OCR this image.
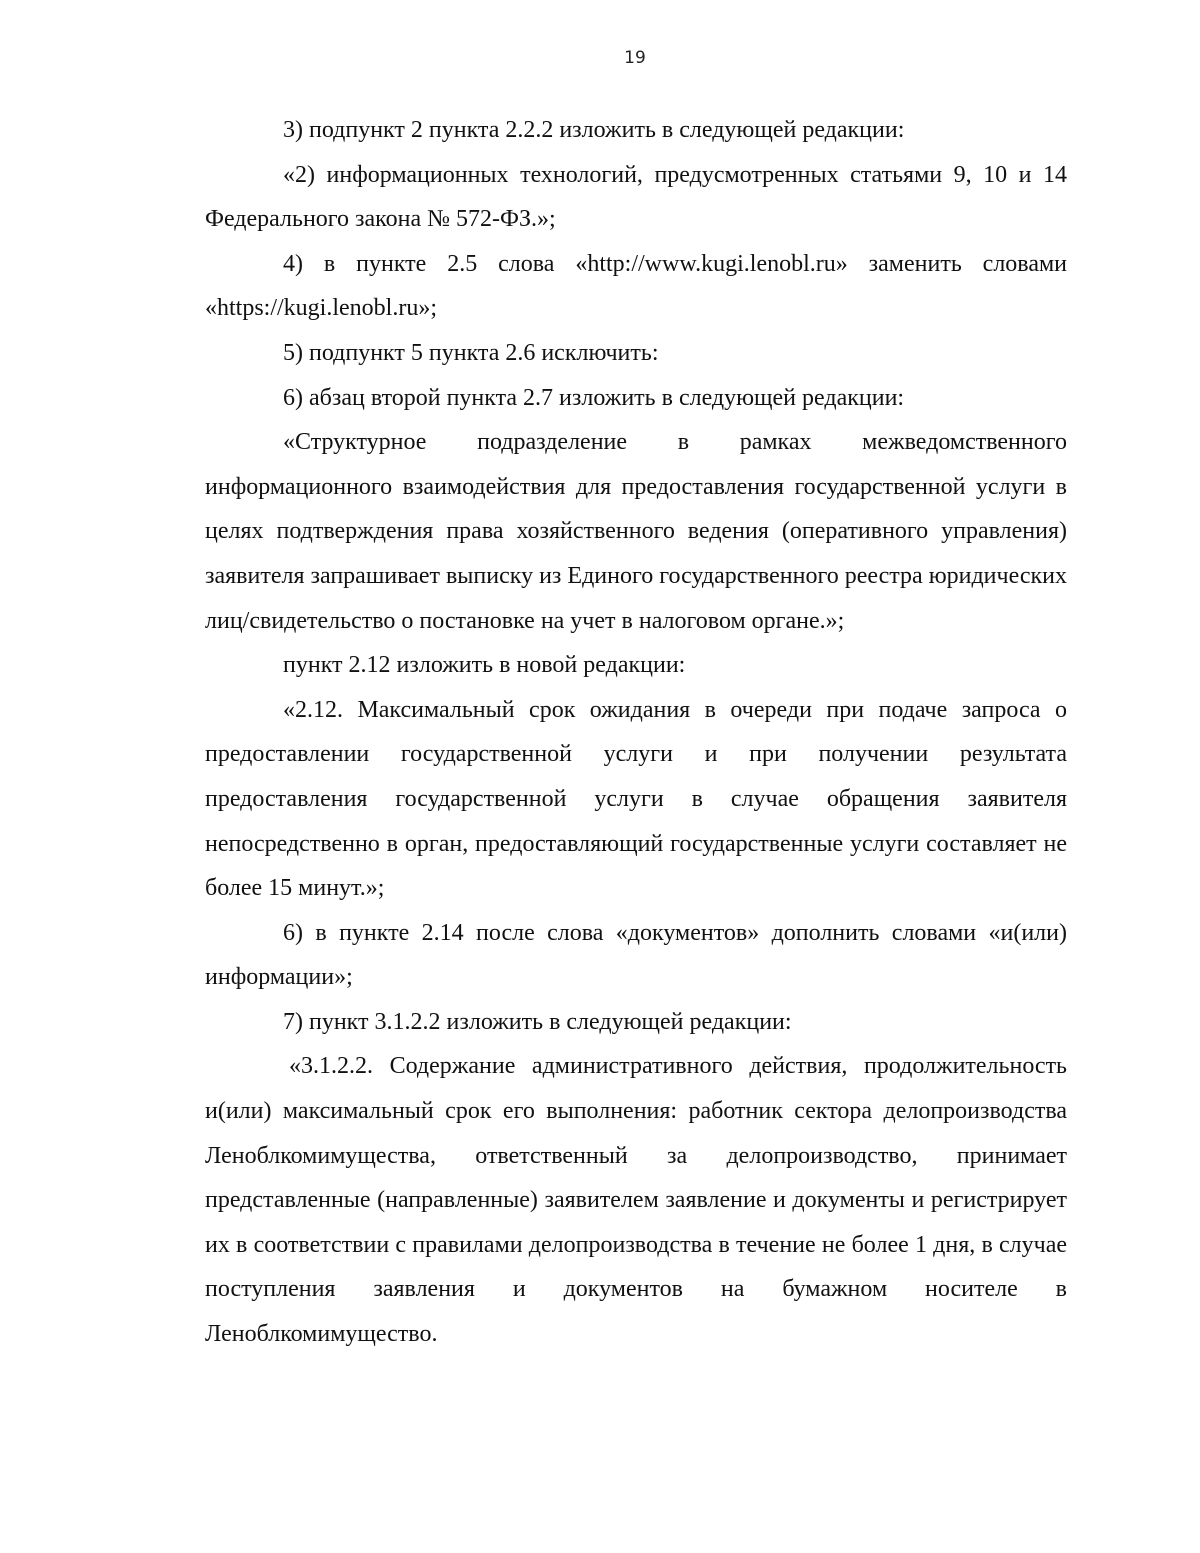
19

3) подпункт 2 пункта 2.2.2 изложить в следующей редакции:

«2) информационных технологий, предусмотренных статьями 9, 10 и 14 Федерального закона № 572-ФЗ.»;

4) в пункте 2.5 слова «http://www.kugi.lenobl.ru» заменить словами «https://kugi.lenobl.ru»;

5) подпункт 5 пункта 2.6 исключить:

6) абзац второй пункта 2.7 изложить в следующей редакции:

«Структурное подразделение в рамках межведомственного информационного взаимодействия для предоставления государственной услуги в целях подтверждения права хозяйственного ведения (оперативного управления) заявителя запрашивает выписку из Единого государственного реестра юридических лиц/свидетельство о постановке на учет в налоговом органе.»;

пункт 2.12 изложить в новой редакции:

«2.12. Максимальный срок ожидания в очереди при подаче запроса о предоставлении государственной услуги и при получении результата предоставления государственной услуги в случае обращения заявителя непосредственно в орган, предоставляющий государственные услуги составляет не более 15 минут.»;

6) в пункте 2.14 после слова «документов» дополнить словами «и(или) информации»;

7) пункт 3.1.2.2 изложить в следующей редакции:

«3.1.2.2. Содержание административного действия, продолжительность и(или) максимальный срок его выполнения: работник сектора делопроизводства Леноблкомимущества, ответственный за делопроизводство, принимает представленные (направленные) заявителем заявление и документы и регистрирует их в соответствии с правилами делопроизводства в течение не более 1 дня, в случае поступления заявления и документов на бумажном носителе в Леноблкомимущество.
